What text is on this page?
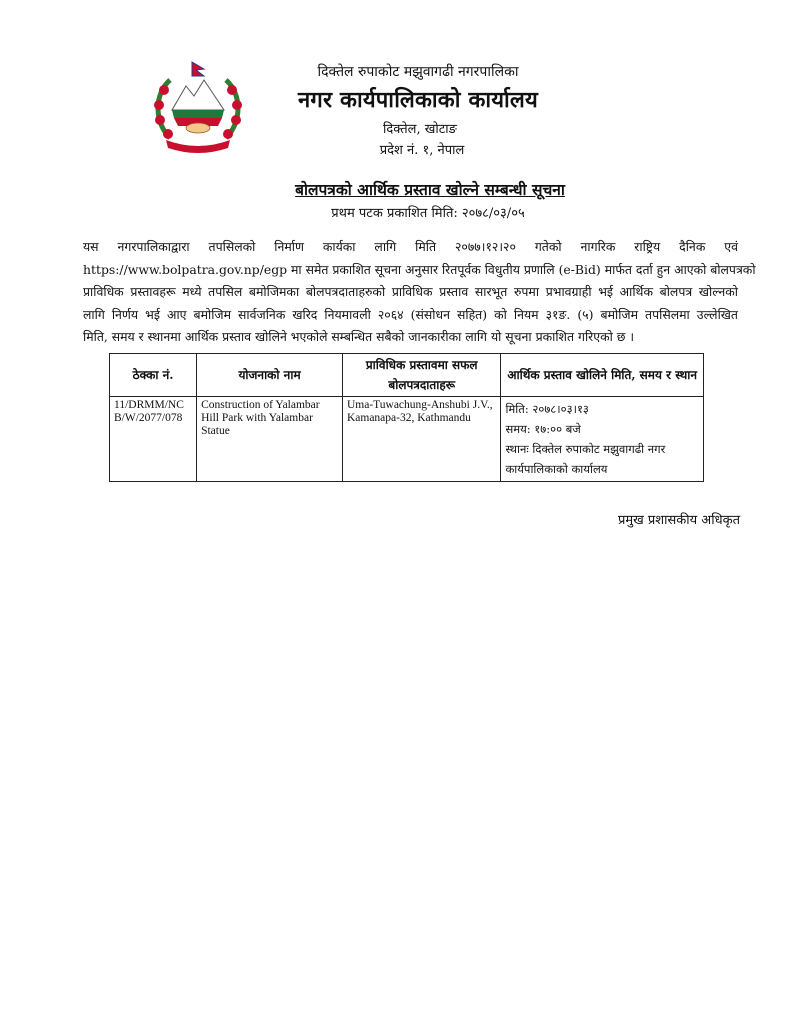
दिक्तेल रुपाकोट मझुवागढी नगरपालिका
नगर कार्यपालिकाको कार्यालय
दिक्तेल, खोटाङ
प्रदेश नं. १, नेपाल
बोलपत्रको आर्थिक प्रस्ताव खोल्ने सम्बन्धी सूचना
प्रथम पटक प्रकाशित मिति: २०७८/०३/०५
यस नगरपालिकाद्वारा तपसिलको निर्माण कार्यका लागि मिति २०७७।१२।२० गतेको नागरिक राष्ट्रिय दैनिक एवं
https://www.bolpatra.gov.np/egp मा समेत प्रकाशित सूचना अनुसार रितपूर्वक विधुतीय प्रणालि (e-Bid) मार्फत दर्ता हुन आएको बोलपत्रको
प्राविधिक प्रस्तावहरू मध्ये तपसिल बमोजिमका बोलपत्रदाताहरुको प्राविधिक प्रस्ताव सारभूत रुपमा प्रभावग्राही भई आर्थिक बोलपत्र खोल्नको
लागि निर्णय भई आए बमोजिम सार्वजनिक खरिद नियमावली २०६४ (संसोधन सहित) को नियम ३१ङ. (५) बमोजिम तपसिलमा उल्लेखित
मिति, समय र स्थानमा आर्थिक प्रस्ताव खोलिने भएकोले सम्बन्धित सबैको जानकारीका लागि यो सूचना प्रकाशित गरिएको छ ।
ठेक्का नं.	योजनाको नाम	प्राविधिक प्रस्तावमा सफल बोलपत्रदाताहरू	आर्थिक प्रस्ताव खोलिने मिति, समय र स्थान
11/DRMM/NCB/W/2077/078	Construction of Yalambar Hill Park with Yalambar Statue	Uma-Tuwachung-Anshubi J.V., Kamanapa-32, Kathmandu	मिति: २०७८।०३।१३
समय: १७:०० बजे
स्थानः दिक्तेल रुपाकोट मझुवागढी नगर कार्यपालिकाको कार्यालय
प्रमुख प्रशासकीय अधिकृत
